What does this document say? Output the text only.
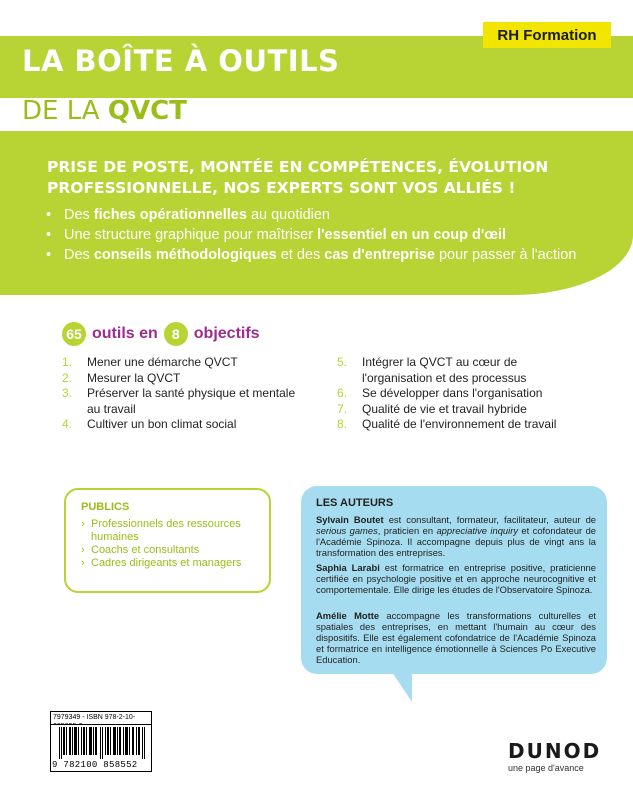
LA BOÎTE À OUTILS
RH Formation
DE LA QVCT
PRISE DE POSTE, MONTÉE EN COMPÉTENCES, ÉVOLUTION PROFESSIONNELLE, NOS EXPERTS SONT VOS ALLIÉS !

• Des fiches opérationnelles au quotidien

• Une structure graphique pour maîtriser l'essentiel en un coup d'œil

• Des conseils méthodologiques et des cas d'entreprise pour passer à l'action

65 outils en	8 objectifs
1. Mener une démarche QVCT
2. Mesurer la QVCT
3. Préserver la santé physique et mentale au travail
4. Cultiver un bon climat social
5. Intégrer la QVCT au cœur de l'organisation et des processus
6. Se développer dans l'organisation
7. Qualité de vie et travail hybride
8. Qualité de l'environnement de travail
PUBLICS
› Professionnels des ressources humaines
› Coachs et consultants
› Cadres dirigeants et managers
LES AUTEURS

Sylvain Boutet est consultant, formateur, facilitateur, auteur de serious games, praticien en appreciative inquiry et cofondateur de l'Académie Spinoza. Il accompagne depuis plus de vingt ans la transformation des entreprises.

Saphia Larabi est formatrice en entreprise positive, praticienne certifiée en psychologie positive et en approche neurocognitive et comportementale. Elle dirige les études de l'Observatoire Spinoza.

Amélie Motte accompagne les transformations culturelles et spatiales des entreprises, en mettant l'humain au cœur des dispositifs. Elle est également cofondatrice de l'Académie Spinoza et formatrice en intelligence émotionnelle à Sciences Po Executive Education.

7979349 - ISBN 978-2-10-
9 782100 858552
DUNOD
une page d'avance
